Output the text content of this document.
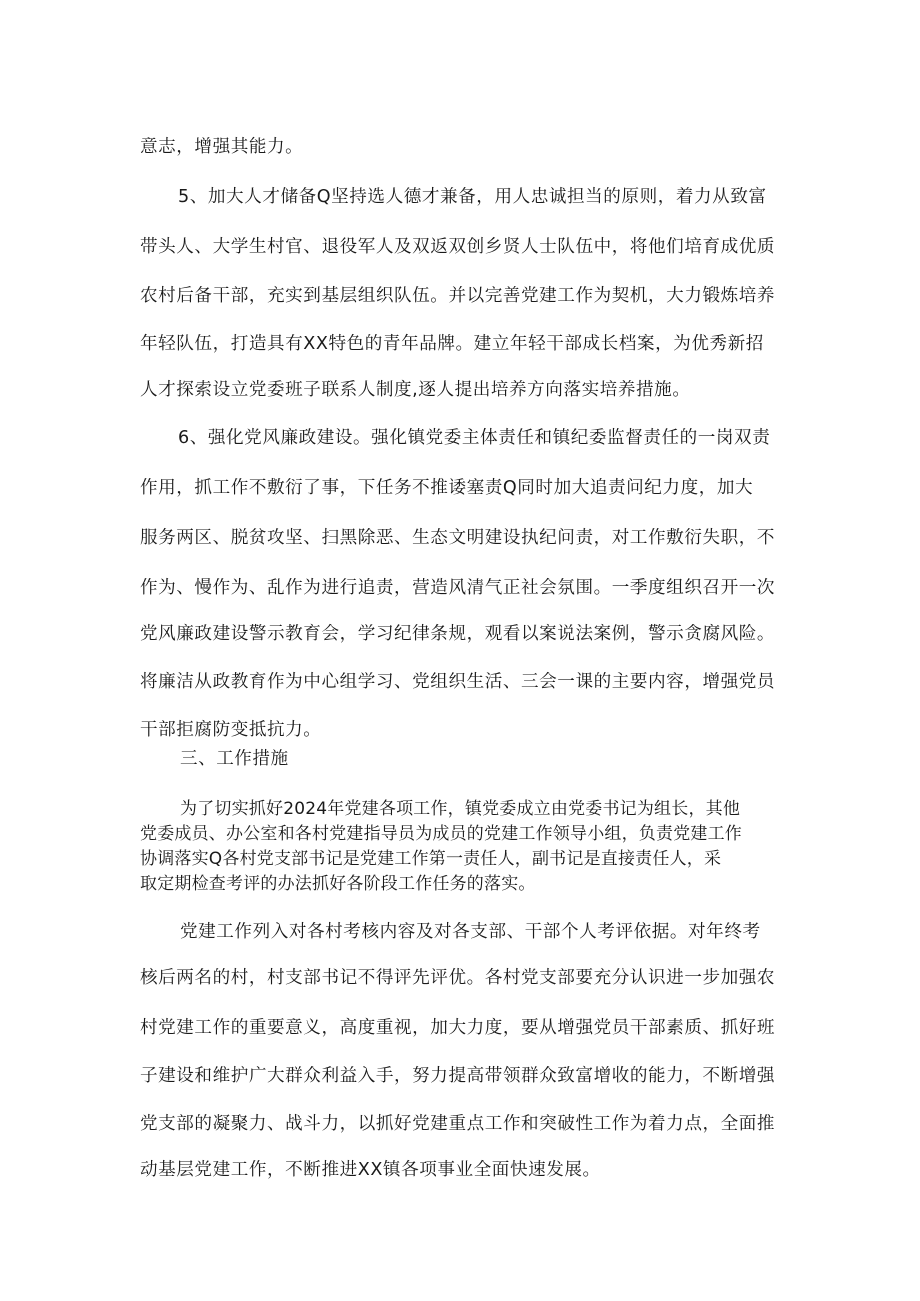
意志，增强其能力。
5、加大人才储备Q坚持选人德才兼备，用人忠诚担当的原则，着力从致富
带头人、大学生村官、退役军人及双返双创乡贤人士队伍中，将他们培育成优质
农村后备干部，充实到基层组织队伍。并以完善党建工作为契机，大力锻炼培养
年轻队伍，打造具有XX特色的青年品牌。建立年轻干部成长档案，为优秀新招
人才探索设立党委班子联系人制度,逐人提出培养方向落实培养措施。
6、强化党风廉政建设。强化镇党委主体责任和镇纪委监督责任的一岗双责
作用，抓工作不敷衍了事，下任务不推诿塞责Q同时加大追责问纪力度，加大
服务两区、脱贫攻坚、扫黑除恶、生态文明建设执纪问责，对工作敷衍失职，不
作为、慢作为、乱作为进行追责，营造风清气正社会氛围。一季度组织召开一次
党风廉政建设警示教育会，学习纪律条规，观看以案说法案例，警示贪腐风险。
将廉洁从政教育作为中心组学习、党组织生活、三会一课的主要内容，增强党员
干部拒腐防变抵抗力。
三、工作措施
为了切实抓好2024年党建各项工作，镇党委成立由党委书记为组长，其他
党委成员、办公室和各村党建指导员为成员的党建工作领导小组，负责党建工作
协调落实Q各村党支部书记是党建工作第一责任人，副书记是直接责任人，采
取定期检查考评的办法抓好各阶段工作任务的落实。
党建工作列入对各村考核内容及对各支部、干部个人考评依据。对年终考
核后两名的村，村支部书记不得评先评优。各村党支部要充分认识进一步加强农
村党建工作的重要意义，高度重视，加大力度，要从增强党员干部素质、抓好班
子建设和维护广大群众利益入手，努力提高带领群众致富增收的能力，不断增强
党支部的凝聚力、战斗力，以抓好党建重点工作和突破性工作为着力点，全面推
动基层党建工作，不断推进XX镇各项事业全面快速发展。
